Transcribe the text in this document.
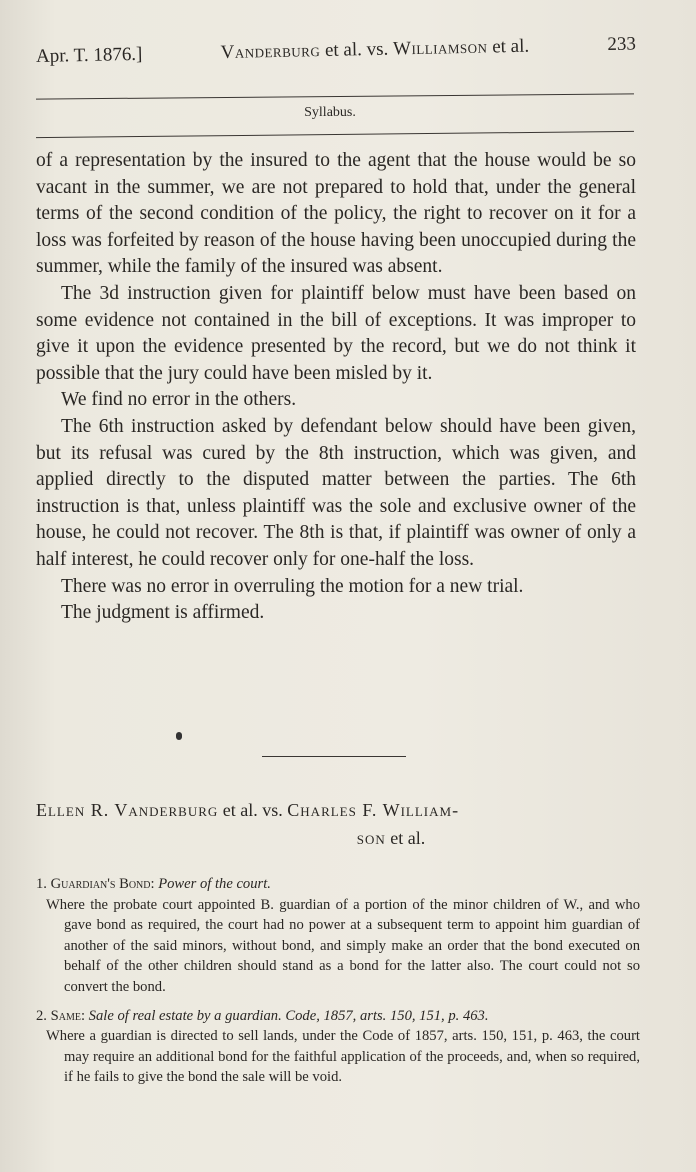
Apr. T. 1876.]	Vanderburg et al. vs. Williamson et al.	233
Syllabus.

of a representation by the insured to the agent that the house would be so vacant in the summer, we are not prepared to hold that, under the general terms of the second condition of the policy, the right to recover on it for a loss was forfeited by reason of the house having been unoccupied during the summer, while the family of the insured was absent.

The 3d instruction given for plaintiff below must have been based on some evidence not contained in the bill of exceptions. It was improper to give it upon the evidence presented by the record, but we do not think it possible that the jury could have been misled by it.

We find no error in the others.

The 6th instruction asked by defendant below should have been given, but its refusal was cured by the 8th instruction, which was given, and applied directly to the disputed matter between the parties. The 6th instruction is that, unless plaintiff was the sole and exclusive owner of the house, he could not recover. The 8th is that, if plaintiff was owner of only a half interest, he could recover only for one-half the loss.

There was no error in overruling the motion for a new trial.

The judgment is affirmed.

Ellen R. Vanderburg et al. vs. Charles F. William-
son et al.
1. Guardian's Bond: Power of the court.
Where the probate court appointed B. guardian of a portion of the minor children of W., and who gave bond as required, the court had no power at a subsequent term to appoint him guardian of another of the said minors, without bond, and simply make an order that the bond executed on behalf of the other children should stand as a bond for the latter also. The court could not so convert the bond.
2. Same: Sale of real estate by a guardian. Code, 1857, arts. 150, 151, p. 463.
Where a guardian is directed to sell lands, under the Code of 1857, arts. 150, 151, p. 463, the court may require an additional bond for the faithful application of the proceeds, and, when so required, if he fails to give the bond the sale will be void.
